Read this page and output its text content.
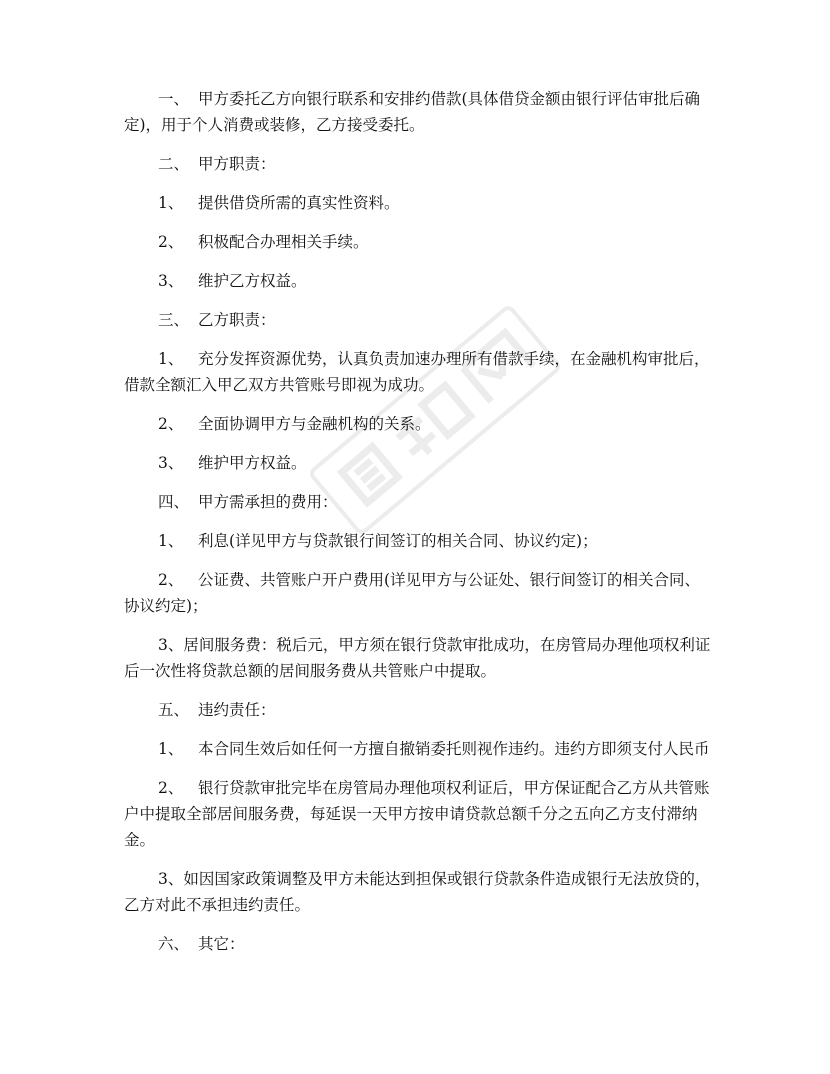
一、 甲方委托乙方向银行联系和安排约借款(具体借贷金额由银行评估审批后确定)，用于个人消费或装修，乙方接受委托。

二、 甲方职责：

1、 提供借贷所需的真实性资料。

2、 积极配合办理相关手续。

3、 维护乙方权益。

三、 乙方职责：

1、 充分发挥资源优势，认真负责加速办理所有借款手续，在金融机构审批后，借款全额汇入甲乙双方共管账号即视为成功。

2、 全面协调甲方与金融机构的关系。

3、 维护甲方权益。

四、 甲方需承担的费用：

1、 利息(详见甲方与贷款银行间签订的相关合同、协议约定)；

2、 公证费、共管账户开户费用(详见甲方与公证处、银行间签订的相关合同、协议约定)；

3、居间服务费：税后元，甲方须在银行贷款审批成功，在房管局办理他项权利证后一次性将贷款总额的居间服务费从共管账户中提取。

五、 违约责任：

1、 本合同生效后如任何一方擅自撤销委托则视作违约。违约方即须支付人民币

2、 银行贷款审批完毕在房管局办理他项权利证后，甲方保证配合乙方从共管账户中提取全部居间服务费，每延误一天甲方按申请贷款总额千分之五向乙方支付滞纳金。

3、如因国家政策调整及甲方未能达到担保或银行贷款条件造成银行无法放贷的，乙方对此不承担违约责任。

六、 其它：
